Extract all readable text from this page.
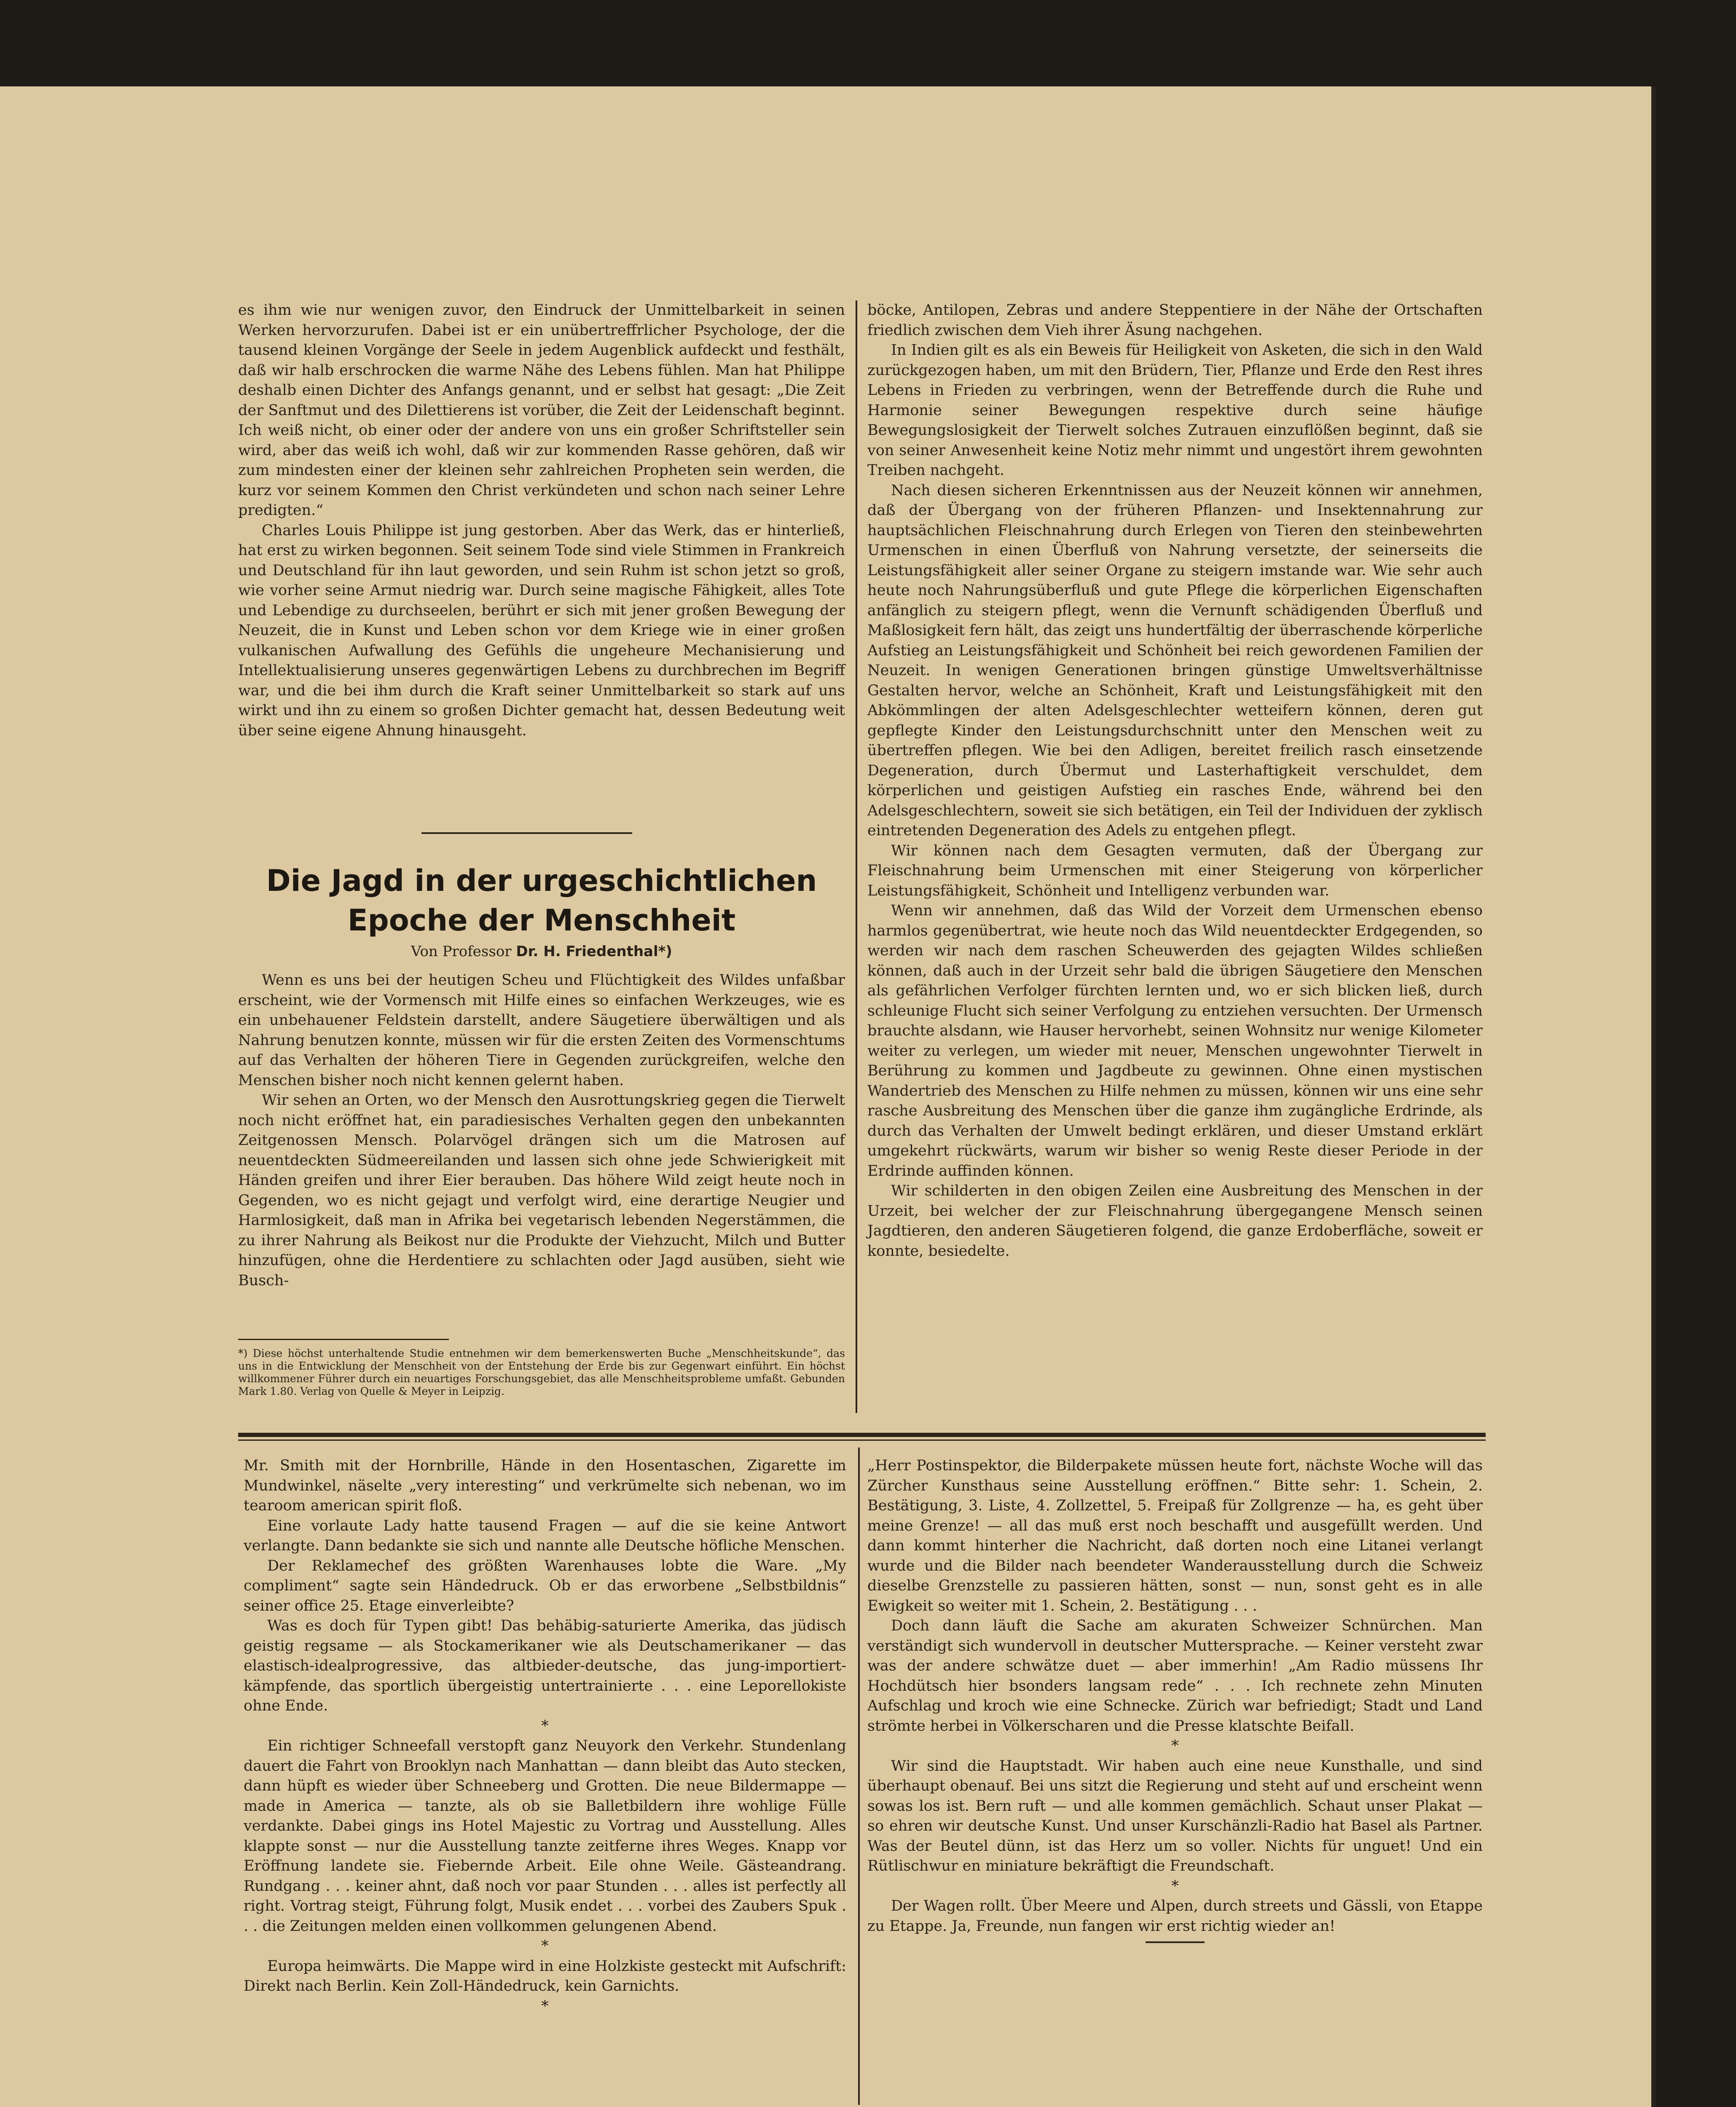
es ihm wie nur wenigen zuvor, den Eindruck der Unmittelbarkeit in seinen Werken hervorzurufen. Dabei ist er ein unübertreffrlicher Psychologe, der die tausend kleinen Vorgänge der Seele in jedem Augenblick aufdeckt und festhält, daß wir halb erschrocken die warme Nähe des Lebens fühlen. Man hat Philippe deshalb einen Dichter des Anfangs genannt, und er selbst hat gesagt: „Die Zeit der Sanftmut und des Dilettierens ist vorüber, die Zeit der Leidenschaft beginnt. Ich weiß nicht, ob einer oder der andere von uns ein großer Schriftsteller sein wird, aber das weiß ich wohl, daß wir zur kommenden Rasse gehören, daß wir zum mindesten einer der kleinen sehr zahlreichen Propheten sein werden, die kurz vor seinem Kommen den Christ verkündeten und schon nach seiner Lehre predigten.“

Charles Louis Philippe ist jung gestorben. Aber das Werk, das er hinterließ, hat erst zu wirken begonnen. Seit seinem Tode sind viele Stimmen in Frankreich und Deutschland für ihn laut geworden, und sein Ruhm ist schon jetzt so groß, wie vorher seine Armut niedrig war. Durch seine magische Fähigkeit, alles Tote und Lebendige zu durchseelen, berührt er sich mit jener großen Bewegung der Neuzeit, die in Kunst und Leben schon vor dem Kriege wie in einer großen vulkanischen Aufwallung des Gefühls die ungeheure Mechanisierung und Intellektualisierung unseres gegenwärtigen Lebens zu durchbrechen im Begriff war, und die bei ihm durch die Kraft seiner Unmittelbarkeit so stark auf uns wirkt und ihn zu einem so großen Dichter gemacht hat, dessen Bedeutung weit über seine eigene Ahnung hinausgeht.

Die Jagd in der urgeschichtlichen Epoche der Menschheit
Von Professor Dr. H. Friedenthal*)

Wenn es uns bei der heutigen Scheu und Flüchtigkeit des Wildes unfaßbar erscheint, wie der Vormensch mit Hilfe eines so einfachen Werkzeuges, wie es ein unbehauener Feldstein darstellt, andere Säugetiere überwältigen und als Nahrung benutzen konnte, müssen wir für die ersten Zeiten des Vormenschtums auf das Verhalten der höheren Tiere in Gegenden zurückgreifen, welche den Menschen bisher noch nicht kennen gelernt haben.

Wir sehen an Orten, wo der Mensch den Ausrottungskrieg gegen die Tierwelt noch nicht eröffnet hat, ein paradiesisches Verhalten gegen den unbekannten Zeitgenossen Mensch. Polarvögel drängen sich um die Matrosen auf neuentdeckten Südmeereilanden und lassen sich ohne jede Schwierigkeit mit Händen greifen und ihrer Eier berauben. Das höhere Wild zeigt heute noch in Gegenden, wo es nicht gejagt und verfolgt wird, eine derartige Neugier und Harmlosigkeit, daß man in Afrika bei vegetarisch lebenden Negerstämmen, die zu ihrer Nahrung als Beikost nur die Produkte der Viehzucht, Milch und Butter hinzufügen, ohne die Herdentiere zu schlachten oder Jagd ausüben, sieht wie Busch-

*) Diese höchst unterhaltende Studie entnehmen wir dem bemerkenswerten Buche „Menschheitskunde“, das uns in die Entwicklung der Menschheit von der Entstehung der Erde bis zur Gegenwart einführt. Ein höchst willkommener Führer durch ein neuartiges Forschungsgebiet, das alle Menschheitsprobleme umfaßt. Gebunden Mark 1.80. Verlag von Quelle & Meyer in Leipzig.

böcke, Antilopen, Zebras und andere Steppentiere in der Nähe der Ortschaften friedlich zwischen dem Vieh ihrer Äsung nachgehen.

In Indien gilt es als ein Beweis für Heiligkeit von Asketen, die sich in den Wald zurückgezogen haben, um mit den Brüdern, Tier, Pflanze und Erde den Rest ihres Lebens in Frieden zu verbringen, wenn der Betreffende durch die Ruhe und Harmonie seiner Bewegungen respektive durch seine häufige Bewegungslosigkeit der Tierwelt solches Zutrauen einzuflößen beginnt, daß sie von seiner Anwesenheit keine Notiz mehr nimmt und ungestört ihrem gewohnten Treiben nachgeht.

Nach diesen sicheren Erkenntnissen aus der Neuzeit können wir annehmen, daß der Übergang von der früheren Pflanzen- und Insektennahrung zur hauptsächlichen Fleischnahrung durch Erlegen von Tieren den steinbewehrten Urmenschen in einen Überfluß von Nahrung versetzte, der seinerseits die Leistungsfähigkeit aller seiner Organe zu steigern imstande war. Wie sehr auch heute noch Nahrungsüberfluß und gute Pflege die körperlichen Eigenschaften anfänglich zu steigern pflegt, wenn die Vernunft schädigenden Überfluß und Maßlosigkeit fern hält, das zeigt uns hundertfältig der überraschende körperliche Aufstieg an Leistungsfähigkeit und Schönheit bei reich gewordenen Familien der Neuzeit. In wenigen Generationen bringen günstige Umweltsverhältnisse Gestalten hervor, welche an Schönheit, Kraft und Leistungsfähigkeit mit den Abkömmlingen der alten Adelsgeschlechter wetteifern können, deren gut gepflegte Kinder den Leistungsdurchschnitt unter den Menschen weit zu übertreffen pflegen. Wie bei den Adligen, bereitet freilich rasch einsetzende Degeneration, durch Übermut und Lasterhaftigkeit verschuldet, dem körperlichen und geistigen Aufstieg ein rasches Ende, während bei den Adelsgeschlechtern, soweit sie sich betätigen, ein Teil der Individuen der zyklisch eintretenden Degeneration des Adels zu entgehen pflegt.

Wir können nach dem Gesagten vermuten, daß der Übergang zur Fleischnahrung beim Urmenschen mit einer Steigerung von körperlicher Leistungsfähigkeit, Schönheit und Intelligenz verbunden war.

Wenn wir annehmen, daß das Wild der Vorzeit dem Urmenschen ebenso harmlos gegenübertrat, wie heute noch das Wild neuentdeckter Erdgegenden, so werden wir nach dem raschen Scheuwerden des gejagten Wildes schließen können, daß auch in der Urzeit sehr bald die übrigen Säugetiere den Menschen als gefährlichen Verfolger fürchten lernten und, wo er sich blicken ließ, durch schleunige Flucht sich seiner Verfolgung zu entziehen versuchten. Der Urmensch brauchte alsdann, wie Hauser hervorhebt, seinen Wohnsitz nur wenige Kilometer weiter zu verlegen, um wieder mit neuer, Menschen ungewohnter Tierwelt in Berührung zu kommen und Jagdbeute zu gewinnen. Ohne einen mystischen Wandertrieb des Menschen zu Hilfe nehmen zu müssen, können wir uns eine sehr rasche Ausbreitung des Menschen über die ganze ihm zugängliche Erdrinde, als durch das Verhalten der Umwelt bedingt erklären, und dieser Umstand erklärt umgekehrt rückwärts, warum wir bisher so wenig Reste dieser Periode in der Erdrinde auffinden können.

Wir schilderten in den obigen Zeilen eine Ausbreitung des Menschen in der Urzeit, bei welcher der zur Fleischnahrung übergegangene Mensch seinen Jagdtieren, den anderen Säugetieren folgend, die ganze Erdoberfläche, soweit er konnte, besiedelte.

Mr. Smith mit der Hornbrille, Hände in den Hosentaschen, Zigarette im Mundwinkel, näselte „very interesting“ und verkrümelte sich nebenan, wo im tearoom american spirit floß.

Eine vorlaute Lady hatte tausend Fragen — auf die sie keine Antwort verlangte. Dann bedankte sie sich und nannte alle Deutsche höfliche Menschen.

Der Reklamechef des größten Warenhauses lobte die Ware. „My compliment“ sagte sein Händedruck. Ob er das erworbene „Selbstbildnis“ seiner office 25. Etage einverleibte?

Was es doch für Typen gibt! Das behäbig-saturierte Amerika, das jüdisch geistig regsame — als Stockamerikaner wie als Deutschamerikaner — das elastisch-idealprogressive, das altbieder-deutsche, das jung-importiert-kämpfende, das sportlich übergeistig untertrainierte . . . eine Leporellokiste ohne Ende.

*

Ein richtiger Schneefall verstopft ganz Neuyork den Verkehr. Stundenlang dauert die Fahrt von Brooklyn nach Manhattan — dann bleibt das Auto stecken, dann hüpft es wieder über Schneeberg und Grotten. Die neue Bildermappe — made in America — tanzte, als ob sie Balletbildern ihre wohlige Fülle verdankte. Dabei gings ins Hotel Majestic zu Vortrag und Ausstellung. Alles klappte sonst — nur die Ausstellung tanzte zeitferne ihres Weges. Knapp vor Eröffnung landete sie. Fiebernde Arbeit. Eile ohne Weile. Gästeandrang. Rundgang . . . keiner ahnt, daß noch vor paar Stunden . . . alles ist perfectly all right. Vortrag steigt, Führung folgt, Musik endet . . . vorbei des Zaubers Spuk . . . die Zeitungen melden einen vollkommen gelungenen Abend.

*

Europa heimwärts. Die Mappe wird in eine Holzkiste gesteckt mit Aufschrift: Direkt nach Berlin. Kein Zoll-Händedruck, kein Garnichts.

*

„Herr Postinspektor, die Bilderpakete müssen heute fort, nächste Woche will das Zürcher Kunsthaus seine Ausstellung eröffnen.“ Bitte sehr: 1. Schein, 2. Bestätigung, 3. Liste, 4. Zollzettel, 5. Freipaß für Zollgrenze — ha, es geht über meine Grenze! — all das muß erst noch beschafft und ausgefüllt werden. Und dann kommt hinterher die Nachricht, daß dorten noch eine Litanei verlangt wurde und die Bilder nach beendeter Wanderausstellung durch die Schweiz dieselbe Grenzstelle zu passieren hätten, sonst — nun, sonst geht es in alle Ewigkeit so weiter mit 1. Schein, 2. Bestätigung . . .

Doch dann läuft die Sache am akuraten Schweizer Schnürchen. Man verständigt sich wundervoll in deutscher Muttersprache. — Keiner versteht zwar was der andere schwätze duet — aber immerhin! „Am Radio müssens Ihr Hochdütsch hier bsonders langsam rede“ . . . Ich rechnete zehn Minuten Aufschlag und kroch wie eine Schnecke. Zürich war befriedigt; Stadt und Land strömte herbei in Völkerscharen und die Presse klatschte Beifall.

*

Wir sind die Hauptstadt. Wir haben auch eine neue Kunsthalle, und sind überhaupt obenauf. Bei uns sitzt die Regierung und steht auf und erscheint wenn sowas los ist. Bern ruft — und alle kommen gemächlich. Schaut unser Plakat — so ehren wir deutsche Kunst. Und unser Kurschänzli-Radio hat Basel als Partner. Was der Beutel dünn, ist das Herz um so voller. Nichts für unguet! Und ein Rütlischwur en miniature bekräftigt die Freundschaft.

*

Der Wagen rollt. Über Meere und Alpen, durch streets und Gässli, von Etappe zu Etappe. Ja, Freunde, nun fangen wir erst richtig wieder an!
